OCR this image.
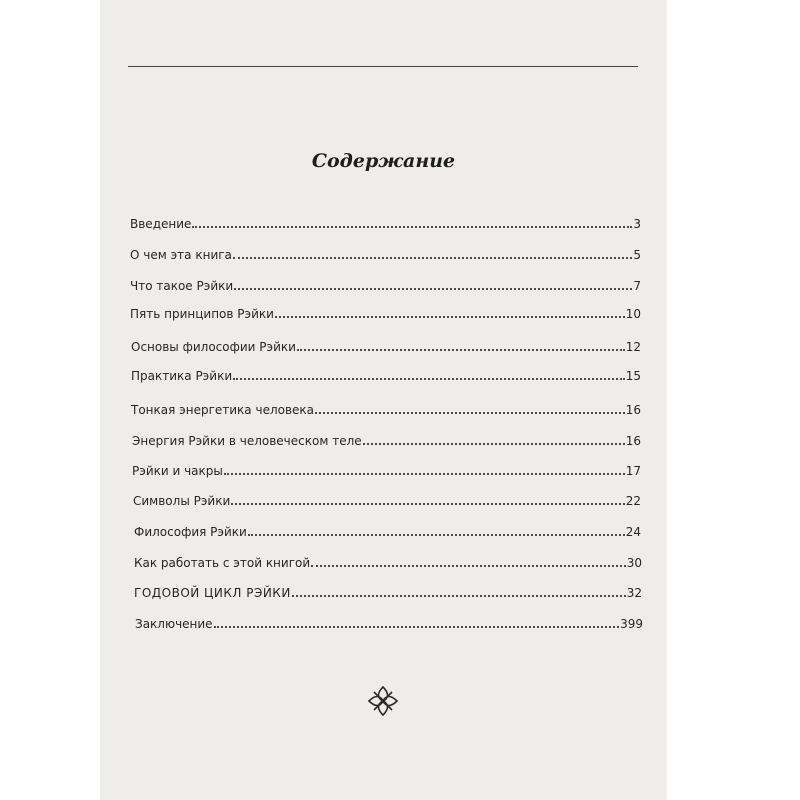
Содержание
Введение	3
О чем эта книга	5
Что такое Рэйки	7
Пять принципов Рэйки	10
Основы философии Рэйки	12
Практика Рэйки	15
Тонкая энергетика человека	16
Энергия Рэйки в человеческом теле	16
Рэйки и чакры	17
Символы Рэйки	22
Философия Рэйки	24
Как работать с этой книгой	30
ГОДОВОЙ ЦИКЛ РЭЙКИ	32
Заключение	399
